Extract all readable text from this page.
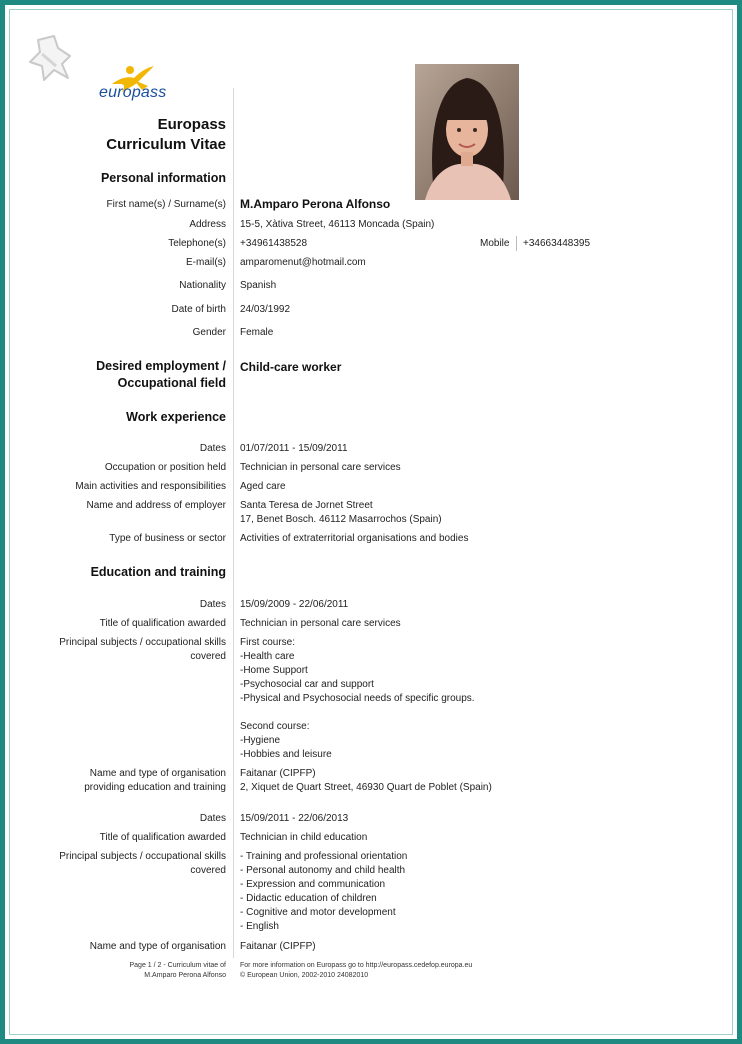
europass
Europass
Curriculum Vitae
Personal information
First name(s) / Surname(s) M.Amparo Perona Alfonso
Address 15-5, Xàtiva Street, 46113 Moncada (Spain)
Telephone(s) +34961438528	Mobile +34663448395
E-mail(s) amparomenut@hotmail.com
Nationality Spanish
Date of birth 24/03/1992
Gender Female
Desired employment /
Occupational field
Child-care worker
Work experience
Dates 01/07/2011 - 15/09/2011
Occupation or position held Technician in personal care services
Main activities and responsibilities Aged care
Name and address of employer Santa Teresa de Jornet Street
17, Benet Bosch. 46112 Masarrochos (Spain)
Type of business or sector Activities of extraterritorial organisations and bodies
Education and training
Dates 15/09/2009 - 22/06/2011
Title of qualification awarded Technician in personal care services
Principal subjects / occupational skills
covered
First course:
-Health care
-Home Support
-Psychosocial car and support
-Physical and Psychosocial needs of specific groups.
Second course:
-Hygiene
-Hobbies and leisure
Name and type of organisation
providing education and training
Faitanar (CIPFP)
2, Xiquet de Quart Street, 46930 Quart de Poblet (Spain)
Dates 15/09/2011 - 22/06/2013
Title of qualification awarded Technician in child education
Principal subjects / occupational skills
covered
- Training and professional orientation
- Personal autonomy and child health
- Expression and communication
- Didactic education of children
- Cognitive and motor development
- English
Name and type of organisation Faitanar (CIPFP)
Page 1 / 2 - Curriculum vitae of
M.Amparo Perona Alfonso
For more information on Europass go to http://europass.cedefop.europa.eu
© European Union, 2002-2010 24082010
